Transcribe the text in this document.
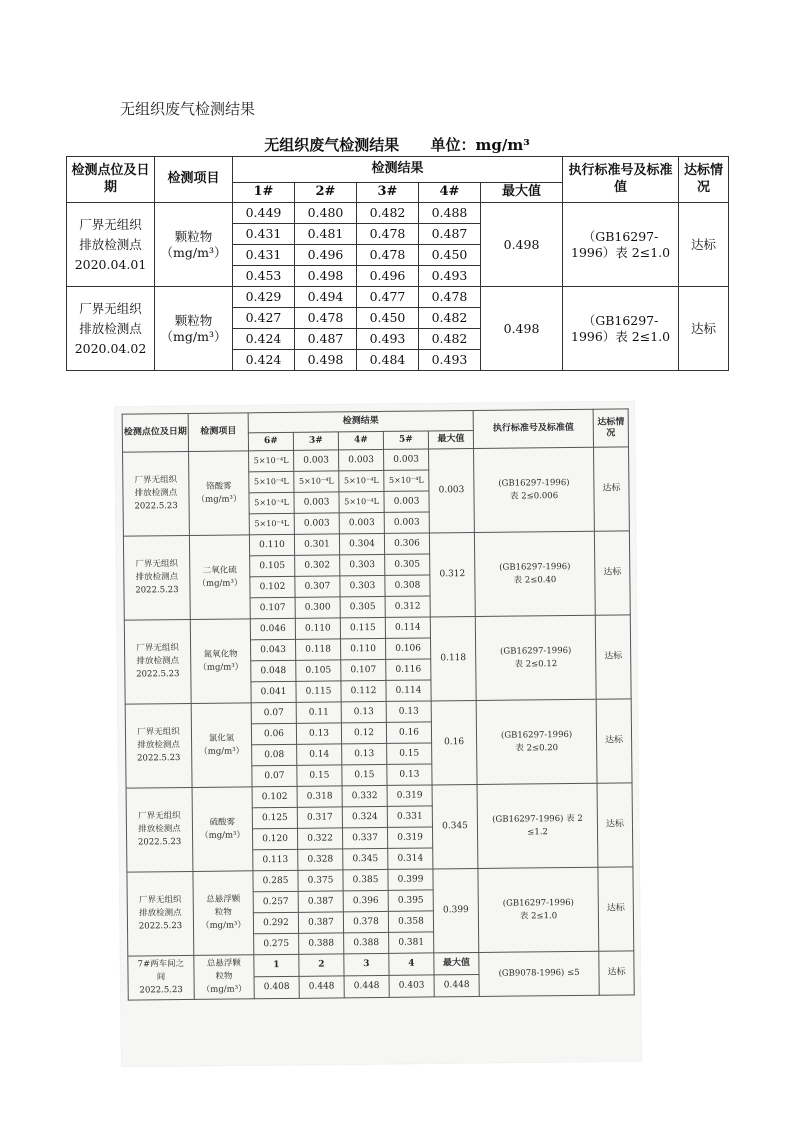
无组织废气检测结果
无组织废气检测结果 单位：mg/m³
检测点位及日期	检测项目	检测结果					执行标准号及标准值	达标情况
		1#	2#	3#	4#	最大值		
厂界无组织
排放检测点
2020.04.01	颗粒物
（mg/m³）	0.449	0.480	0.482	0.488	0.498	（GB16297-
1996）表 2≤1.0	达标
		0.431	0.481	0.478	0.487			
		0.431	0.496	0.478	0.450			
		0.453	0.498	0.496	0.493			
厂界无组织
排放检测点
2020.04.02	颗粒物
（mg/m³）	0.429	0.494	0.477	0.478	0.498	（GB16297-
1996）表 2≤1.0	达标
		0.427	0.478	0.450	0.482			
		0.424	0.487	0.493	0.482			
		0.424	0.498	0.484	0.493			
检测点位及日期	检测项目	检测结果					执行标准号及标准值	达标情况
		6#	3#	4#	5#	最大值		
厂界无组织
排放检测点
2022.5.23	铬酸雾
（mg/m³）	5×10⁻⁴L	0.003	0.003	0.003	0.003	(GB16297-1996)
表 2≤0.006	达标
		5×10⁻⁴L	5×10⁻⁴L	5×10⁻⁴L	5×10⁻⁴L			
		5×10⁻⁴L	0.003	5×10⁻⁴L	0.003			
		5×10⁻⁴L	0.003	0.003	0.003			
厂界无组织
排放检测点
2022.5.23	二氧化硫
（mg/m³）	0.110	0.301	0.304	0.306	0.312	(GB16297-1996)
表 2≤0.40	达标
		0.105	0.302	0.303	0.305			
		0.102	0.307	0.303	0.308			
		0.107	0.300	0.305	0.312			
厂界无组织
排放检测点
2022.5.23	氮氧化物
（mg/m³）	0.046	0.110	0.115	0.114	0.118	(GB16297-1996)
表 2≤0.12	达标
		0.043	0.118	0.110	0.106			
		0.048	0.105	0.107	0.116			
		0.041	0.115	0.112	0.114			
厂界无组织
排放检测点
2022.5.23	氯化氢
（mg/m³）	0.07	0.11	0.13	0.13	0.16	(GB16297-1996)
表 2≤0.20	达标
		0.06	0.13	0.12	0.16			
		0.08	0.14	0.13	0.15			
		0.07	0.15	0.15	0.13			
厂界无组织
排放检测点
2022.5.23	硫酸雾
（mg/m³）	0.102	0.318	0.332	0.319	0.345	(GB16297-1996) 表 2
≤1.2	达标
		0.125	0.317	0.324	0.331			
		0.120	0.322	0.337	0.319			
		0.113	0.328	0.345	0.314			
厂界无组织
排放检测点
2022.5.23	总悬浮颗
粒物
（mg/m³）	0.285	0.375	0.385	0.399	0.399	(GB16297-1996)
表 2≤1.0	达标
		0.257	0.387	0.396	0.395			
		0.292	0.387	0.378	0.358			
		0.275	0.388	0.388	0.381			
7#两车间之
间
2022.5.23	总悬浮颗
粒物
（mg/m³）	1	2	3	4	最大值	(GB9078-1996) ≤5	达标
		0.408	0.448	0.448	0.403	0.448		
